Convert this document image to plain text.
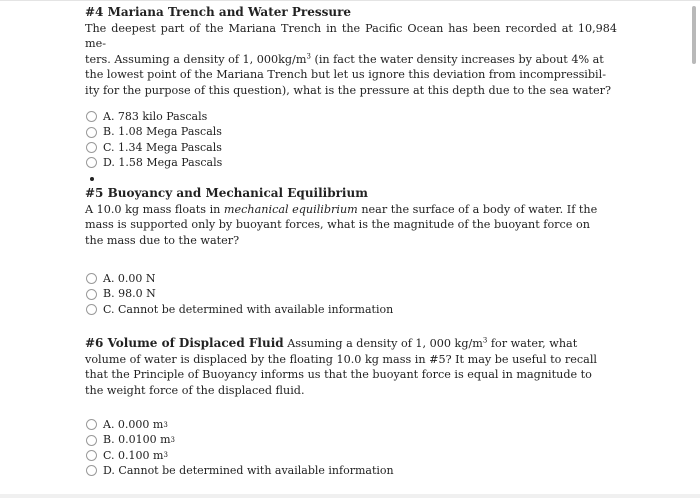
#4 Mariana Trench and Water Pressure
The deepest part of the Mariana Trench in the Pacific Ocean has been recorded at 10,984 me-
ters. Assuming a density of 1, $000kg/m^3$ (in fact the water density increases by about 4% at
the lowest point of the Mariana Trench but let us ignore this deviation from incompressibil-
ity for the purpose of this question), what is the pressure at this depth due to the sea water?
A. 783 kilo Pascals
B. 1.08 Mega Pascals
C. 1.34 Mega Pascals
D. 1.58 Mega Pascals
#5 Buoyancy and Mechanical Equilibrium
A 10.0 kg mass floats in mechanical equilibrium near the surface of a body of water. If the
mass is supported only by buoyant forces, what is the magnitude of the buoyant force on
the mass due to the water?
A. 0.00 N
B. 98.0 N
C. Cannot be determined with available information
#6 Volume of Displaced Fluid Assuming a density of 1, 000 $kg/m^3$ for water, what
volume of water is displaced by the floating 10.0 kg mass in #5? It may be useful to recall
that the Principle of Buoyancy informs us that the buoyant force is equal in magnitude to
the weight force of the displaced fluid.
A. 0.000 m 3
B. 0.0100 m 3
C. 0.100 m 3
D. Cannot be determined with available information
